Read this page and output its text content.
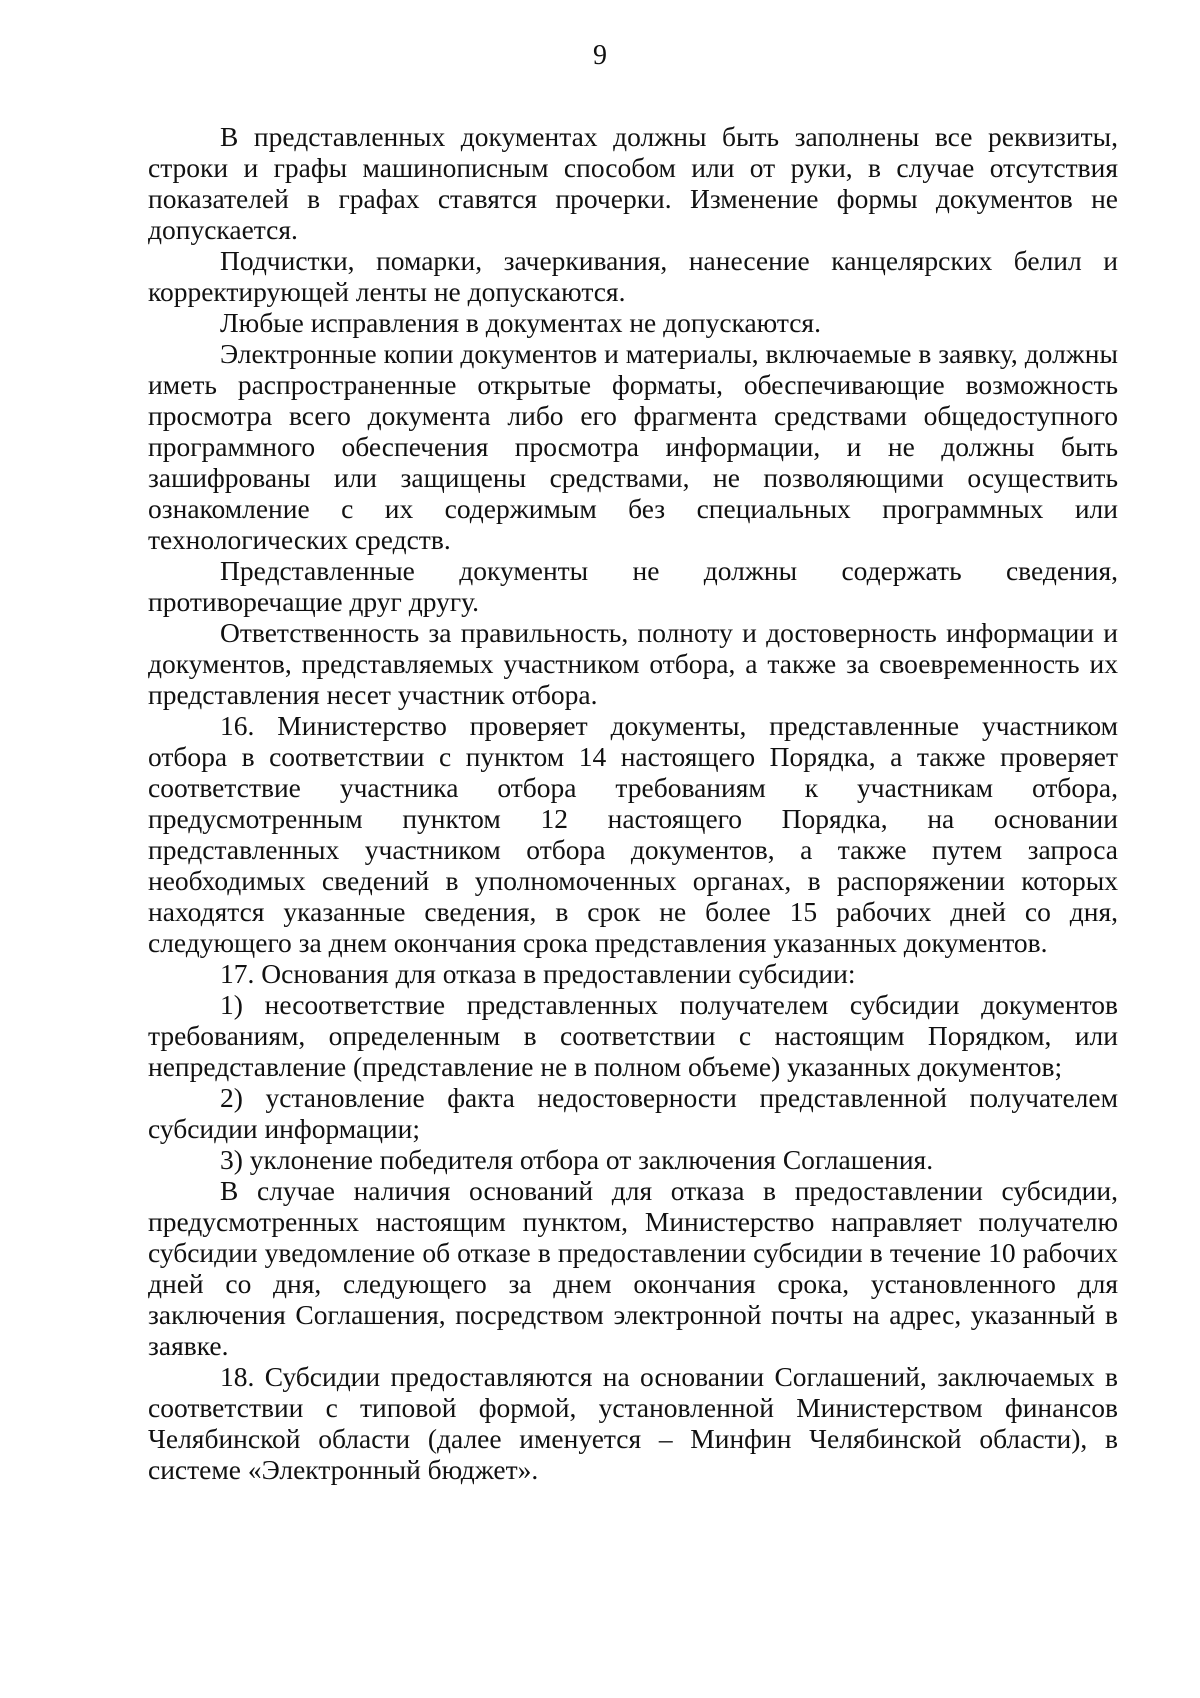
9

В представленных документах должны быть заполнены все реквизиты, строки и графы машинописным способом или от руки, в случае отсутствия показателей в графах ставятся прочерки. Изменение формы документов не допускается.

Подчистки, помарки, зачеркивания, нанесение канцелярских белил и корректирующей ленты не допускаются.

Любые исправления в документах не допускаются.

Электронные копии документов и материалы, включаемые в заявку, должны иметь распространенные открытые форматы, обеспечивающие возможность просмотра всего документа либо его фрагмента средствами общедоступного программного обеспечения просмотра информации, и не должны быть зашифрованы или защищены средствами, не позволяющими осуществить ознакомление с их содержимым без специальных программных или технологических средств.

Представленные документы не должны содержать сведения, противоречащие друг другу.

Ответственность за правильность, полноту и достоверность информации и документов, представляемых участником отбора, а также за своевременность их представления несет участник отбора.

16. Министерство проверяет документы, представленные участником отбора в соответствии с пунктом 14 настоящего Порядка, а также проверяет соответствие участника отбора требованиям к участникам отбора, предусмотренным пунктом 12 настоящего Порядка, на основании представленных участником отбора документов, а также путем запроса необходимых сведений в уполномоченных органах, в распоряжении которых находятся указанные сведения, в срок не более 15 рабочих дней со дня, следующего за днем окончания срока представления указанных документов.

17. Основания для отказа в предоставлении субсидии:

1) несоответствие представленных получателем субсидии документов требованиям, определенным в соответствии с настоящим Порядком, или непредставление (представление не в полном объеме) указанных документов;

2) установление факта недостоверности представленной получателем субсидии информации;

3) уклонение победителя отбора от заключения Соглашения.

В случае наличия оснований для отказа в предоставлении субсидии, предусмотренных настоящим пунктом, Министерство направляет получателю субсидии уведомление об отказе в предоставлении субсидии в течение 10 рабочих дней со дня, следующего за днем окончания срока, установленного для заключения Соглашения, посредством электронной почты на адрес, указанный в заявке.

18. Субсидии предоставляются на основании Соглашений, заключаемых в соответствии с типовой формой, установленной Министерством финансов Челябинской области (далее именуется – Минфин Челябинской области), в системе «Электронный бюджет».
